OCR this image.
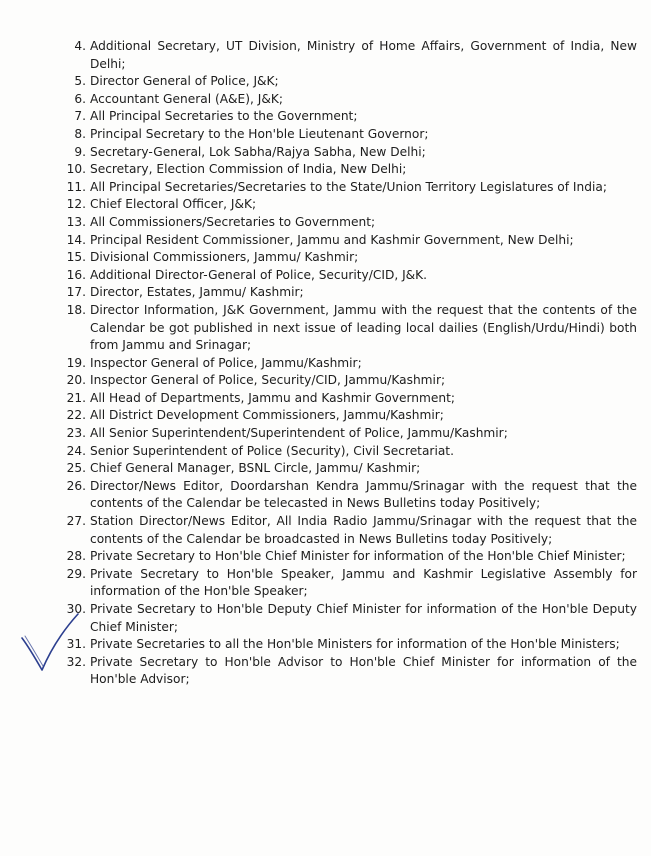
4. Additional Secretary, UT Division, Ministry of Home Affairs, Government of India, New Delhi;
5. Director General of Police, J&K;
6. Accountant General (A&E), J&K;
7. All Principal Secretaries to the Government;
8. Principal Secretary to the Hon'ble Lieutenant Governor;
9. Secretary-General, Lok Sabha/Rajya Sabha, New Delhi;
10. Secretary, Election Commission of India, New Delhi;
11. All Principal Secretaries/Secretaries to the State/Union Territory Legislatures of India;
12. Chief Electoral Officer, J&K;
13. All Commissioners/Secretaries to Government;
14. Principal Resident Commissioner, Jammu and Kashmir Government, New Delhi;
15. Divisional Commissioners, Jammu/ Kashmir;
16. Additional Director-General of Police, Security/CID, J&K.
17. Director, Estates, Jammu/ Kashmir;
18. Director Information, J&K Government, Jammu with the request that the contents of the Calendar be got published in next issue of leading local dailies (English/Urdu/Hindi) both from Jammu and Srinagar;
19. Inspector General of Police, Jammu/Kashmir;
20. Inspector General of Police, Security/CID, Jammu/Kashmir;
21. All Head of Departments, Jammu and Kashmir Government;
22. All District Development Commissioners, Jammu/Kashmir;
23. All Senior Superintendent/Superintendent of Police, Jammu/Kashmir;
24. Senior Superintendent of Police (Security), Civil Secretariat.
25. Chief General Manager, BSNL Circle, Jammu/ Kashmir;
26. Director/News Editor, Doordarshan Kendra Jammu/Srinagar with the request that the contents of the Calendar be telecasted in News Bulletins today Positively;
27. Station Director/News Editor, All India Radio Jammu/Srinagar with the request that the contents of the Calendar be broadcasted in News Bulletins today Positively;
28. Private Secretary to Hon'ble Chief Minister for information of the Hon'ble Chief Minister;
29. Private Secretary to Hon'ble Speaker, Jammu and Kashmir Legislative Assembly for information of the Hon'ble Speaker;
30. Private Secretary to Hon'ble Deputy Chief Minister for information of the Hon'ble Deputy Chief Minister;
31. Private Secretaries to all the Hon'ble Ministers for information of the Hon'ble Ministers;
32. Private Secretary to Hon'ble Advisor to Hon'ble Chief Minister for information of the Hon'ble Advisor;
